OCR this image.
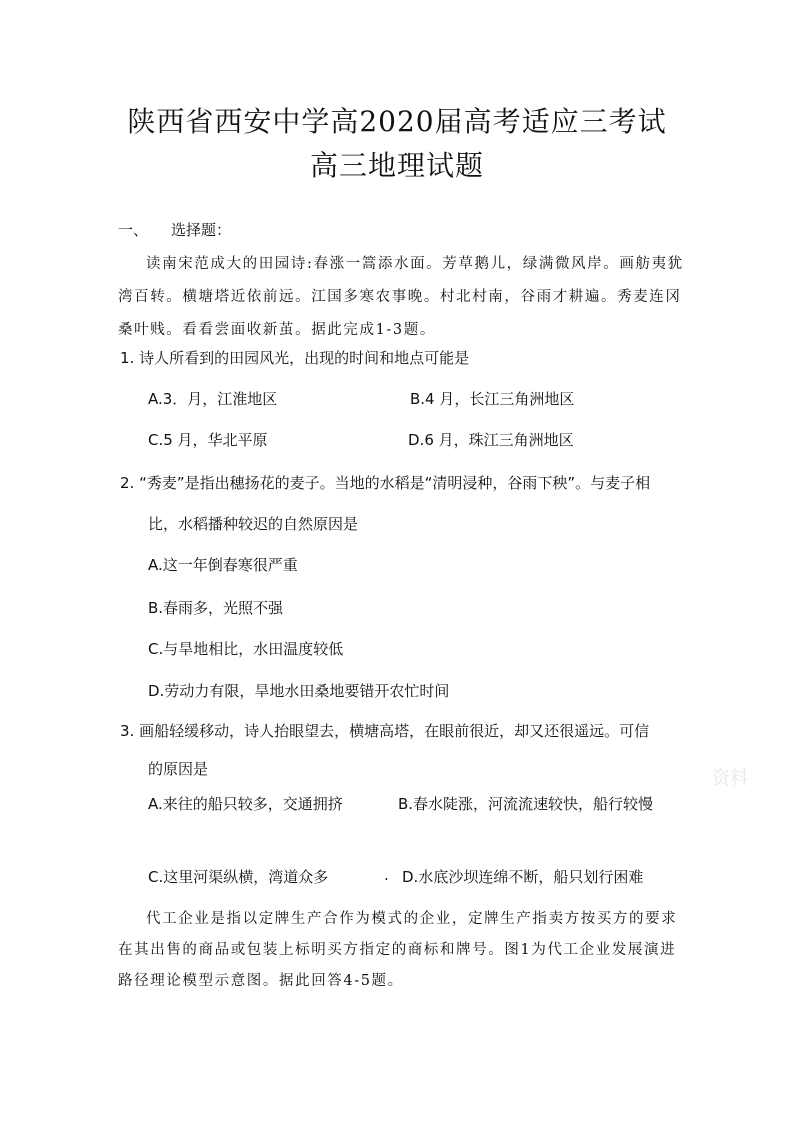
陕西省西安中学高2020届高考适应三考试
高三地理试题
一、 选择题：
读南宋范成大的田园诗:春涨一篙添水面。芳草鹅儿，绿满微风岸。画舫夷犹
湾百转。横塘塔近依前远。江国多寒农事晚。村北村南，谷雨才耕遍。秀麦连冈
桑叶贱。看看尝面收新茧。据此完成1-3题。
1. 诗人所看到的田园风光，出现的时间和地点可能是
A.3．月，江淮地区	B.4 月，长江三角洲地区
C.5 月，华北平原	D.6 月，珠江三角洲地区
2. “秀麦”是指出穗扬花的麦子。当地的水稻是“清明浸种，谷雨下秧”。与麦子相
比，水稻播种较迟的自然原因是
A.这一年倒春寒很严重
B.春雨多，光照不强
C.与旱地相比，水田温度较低
D.劳动力有限，旱地水田桑地要错开农忙时间
3. 画船轻缓移动，诗人抬眼望去，横塘高塔，在眼前很近，却又还很遥远。可信
的原因是
A.来往的船只较多，交通拥挤	B.春水陡涨，河流流速较快，船行较慢
C.这里河渠纵横，湾道众多	. D.水底沙坝连绵不断，船只划行困难
代工企业是指以定牌生产合作为模式的企业，定牌生产指卖方按买方的要求
在其出售的商品或包装上标明买方指定的商标和牌号。图1为代工企业发展演进
路径理论模型示意图。据此回答4-5题。
资料
